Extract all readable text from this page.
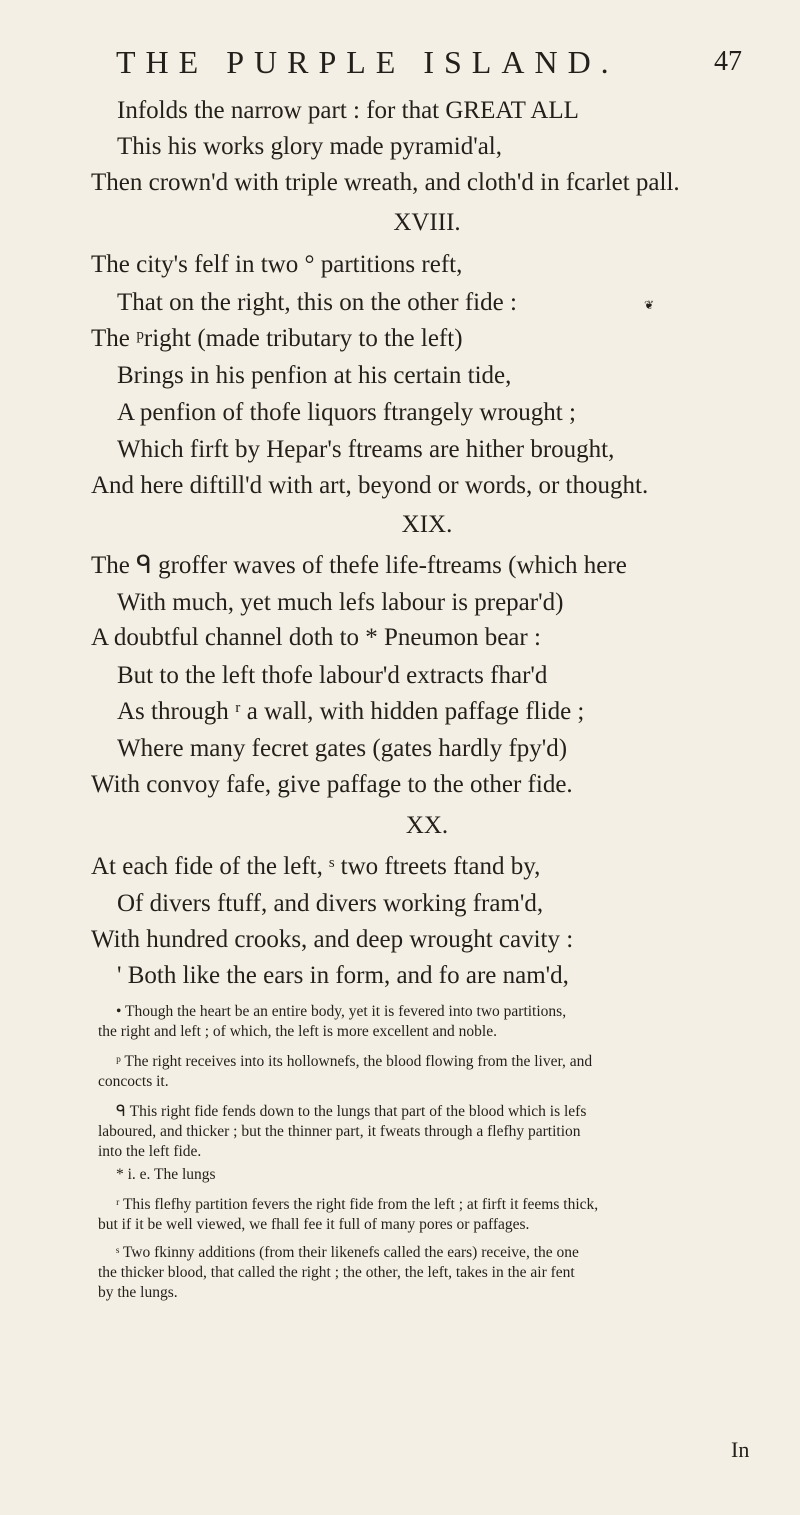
THE PURPLE ISLAND.	47
Infolds the narrow part : for that GREAT ALL
This his works glory made pyramid'al,
Then crown'd with triple wreath, and cloth'd in fcarlet pall.
❦
XVIII.
The city's felf in two ° partitions reft,
That on the right, this on the other fide :
The ᵖright (made tributary to the left)
Brings in his penfion at his certain tide,
A penfion of thofe liquors ftrangely wrought ;
Which firft by Hepar's ftreams are hither brought,
And here diftill'd with art, beyond or words, or thought.
XIX.
The ᑫ groffer waves of thefe life-ftreams (which here
With much, yet much lefs labour is prepar'd)
A doubtful channel doth to * Pneumon bear :
But to the left thofe labour'd extracts fhar'd
As through ʳ a wall, with hidden paffage flide ;
Where many fecret gates (gates hardly fpy'd)
With convoy fafe, give paffage to the other fide.
XX.
At each fide of the left, ˢ two ftreets ftand by,
Of divers ftuff, and divers working fram'd,
With hundred crooks, and deep wrought cavity :
' Both like the ears in form, and fo are nam'd,
• Though the heart be an entire body, yet it is fevered into two partitions,
the right and left ; of which, the left is more excellent and noble.
ᵖ The right receives into its hollownefs, the blood flowing from the liver, and
concocts it.
ᑫ This right fide fends down to the lungs that part of the blood which is lefs
laboured, and thicker ; but the thinner part, it fweats through a flefhy partition
into the left fide.
* i. e. The lungs
ʳ This flefhy partition fevers the right fide from the left ; at firft it feems thick,
but if it be well viewed, we fhall fee it full of many pores or paffages.
ˢ Two fkinny additions (from their likenefs called the ears) receive, the one
the thicker blood, that called the right ; the other, the left, takes in the air fent
by the lungs.
In
